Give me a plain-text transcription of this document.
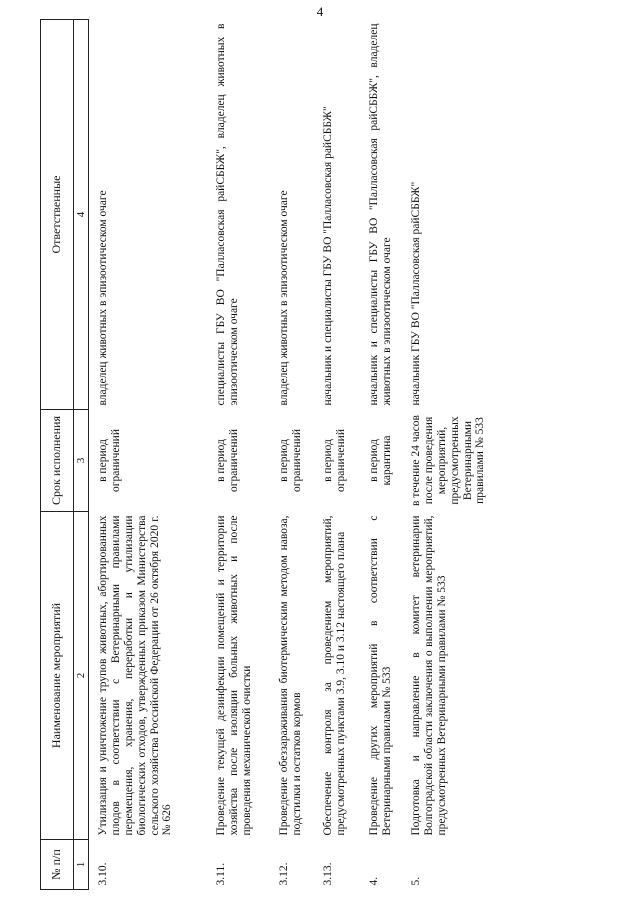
4
№ п/п	Наименование мероприятий	Срок исполнения	Ответственные
1	2	3	4
3.10.	Утилизация и уничтожение трупов животных, абортированных плодов в соответствии с Ветеринарными правилами перемещения, хранения, переработки и утилизации биологических отходов, утвержденных приказом Министерства сельского хозяйства Российской Федерации от 26 октября 2020 г. № 626	в период ограничений	владелец животных в эпизоотическом очаге
3.11.	Проведение текущей дезинфекции помещений и территории хозяйства после изоляции больных животных и после проведения механической очистки	в период ограничений	специалисты ГБУ ВО "Палласовская райСББЖ", владелец животных в эпизоотическом очаге
3.12.	Проведение обеззараживания биотермическим методом навоза, подстилки и остатков кормов	в период ограничений	владелец животных в эпизоотическом очаге
3.13.	Обеспечение контроля за проведением мероприятий, предусмотренных пунктами 3.9, 3.10 и 3.12 настоящего плана	в период ограничений	начальник и специалисты ГБУ ВО "Палласовская райСББЖ"
4.	Проведение других мероприятий в соответствии с Ветеринарными правилами № 533	в период карантина	начальник и специалисты ГБУ ВО "Палласовская райСББЖ", владелец животных в эпизоотическом очаге
5.	Подготовка и направление в комитет ветеринарии Волгоградской области заключения о выполнении мероприятий, предусмотренных Ветеринарными правилами № 533	в течение 24 часов после проведения мероприятий, предусмотренных Ветеринарными правилами № 533	начальник ГБУ ВО "Палласовская райСББЖ"
